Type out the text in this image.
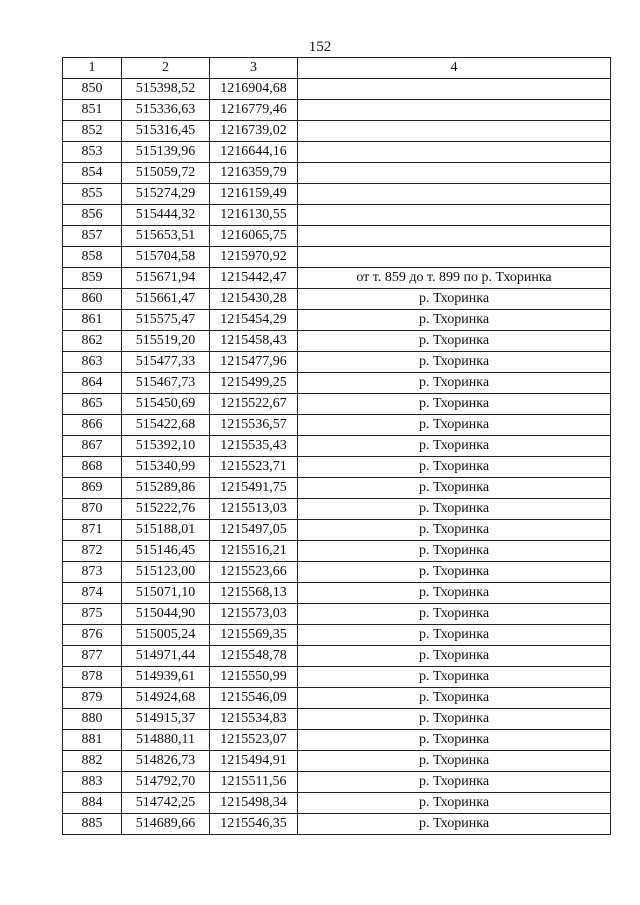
152
1	2	3	4
850	515398,52	1216904,68	
851	515336,63	1216779,46	
852	515316,45	1216739,02	
853	515139,96	1216644,16	
854	515059,72	1216359,79	
855	515274,29	1216159,49	
856	515444,32	1216130,55	
857	515653,51	1216065,75	
858	515704,58	1215970,92	
859	515671,94	1215442,47	от т. 859 до т. 899 по р. Тхоринка
860	515661,47	1215430,28	р. Тхоринка
861	515575,47	1215454,29	р. Тхоринка
862	515519,20	1215458,43	р. Тхоринка
863	515477,33	1215477,96	р. Тхоринка
864	515467,73	1215499,25	р. Тхоринка
865	515450,69	1215522,67	р. Тхоринка
866	515422,68	1215536,57	р. Тхоринка
867	515392,10	1215535,43	р. Тхоринка
868	515340,99	1215523,71	р. Тхоринка
869	515289,86	1215491,75	р. Тхоринка
870	515222,76	1215513,03	р. Тхоринка
871	515188,01	1215497,05	р. Тхоринка
872	515146,45	1215516,21	р. Тхоринка
873	515123,00	1215523,66	р. Тхоринка
874	515071,10	1215568,13	р. Тхоринка
875	515044,90	1215573,03	р. Тхоринка
876	515005,24	1215569,35	р. Тхоринка
877	514971,44	1215548,78	р. Тхоринка
878	514939,61	1215550,99	р. Тхоринка
879	514924,68	1215546,09	р. Тхоринка
880	514915,37	1215534,83	р. Тхоринка
881	514880,11	1215523,07	р. Тхоринка
882	514826,73	1215494,91	р. Тхоринка
883	514792,70	1215511,56	р. Тхоринка
884	514742,25	1215498,34	р. Тхоринка
885	514689,66	1215546,35	р. Тхоринка
